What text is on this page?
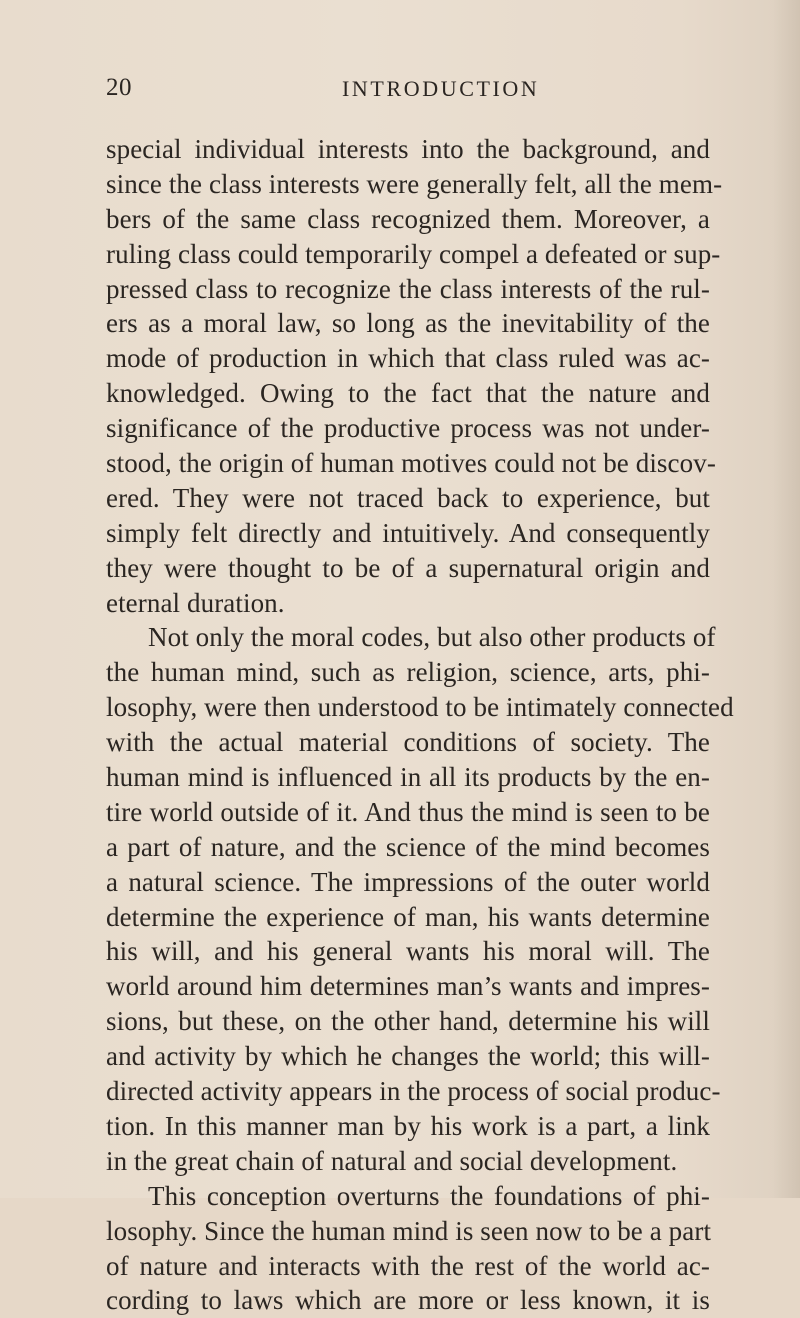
20	INTRODUCTION
special individual interests into the background, and
since the class interests were generally felt, all the mem-
bers of the same class recognized them. Moreover, a
ruling class could temporarily compel a defeated or sup-
pressed class to recognize the class interests of the rul-
ers as a moral law, so long as the inevitability of the
mode of production in which that class ruled was ac-
knowledged. Owing to the fact that the nature and
significance of the productive process was not under-
stood, the origin of human motives could not be discov-
ered. They were not traced back to experience, but
simply felt directly and intuitively. And consequently
they were thought to be of a supernatural origin and
eternal duration.
Not only the moral codes, but also other products of
the human mind, such as religion, science, arts, phi-
losophy, were then understood to be intimately connected
with the actual material conditions of society. The
human mind is influenced in all its products by the en-
tire world outside of it. And thus the mind is seen to be
a part of nature, and the science of the mind becomes
a natural science. The impressions of the outer world
determine the experience of man, his wants determine
his will, and his general wants his moral will. The
world around him determines man’s wants and impres-
sions, but these, on the other hand, determine his will
and activity by which he changes the world; this will-
directed activity appears in the process of social produc-
tion. In this manner man by his work is a part, a link
in the great chain of natural and social development.
This conception overturns the foundations of phi-
losophy. Since the human mind is seen now to be a part
of nature and interacts with the rest of the world ac-
cording to laws which are more or less known, it is
